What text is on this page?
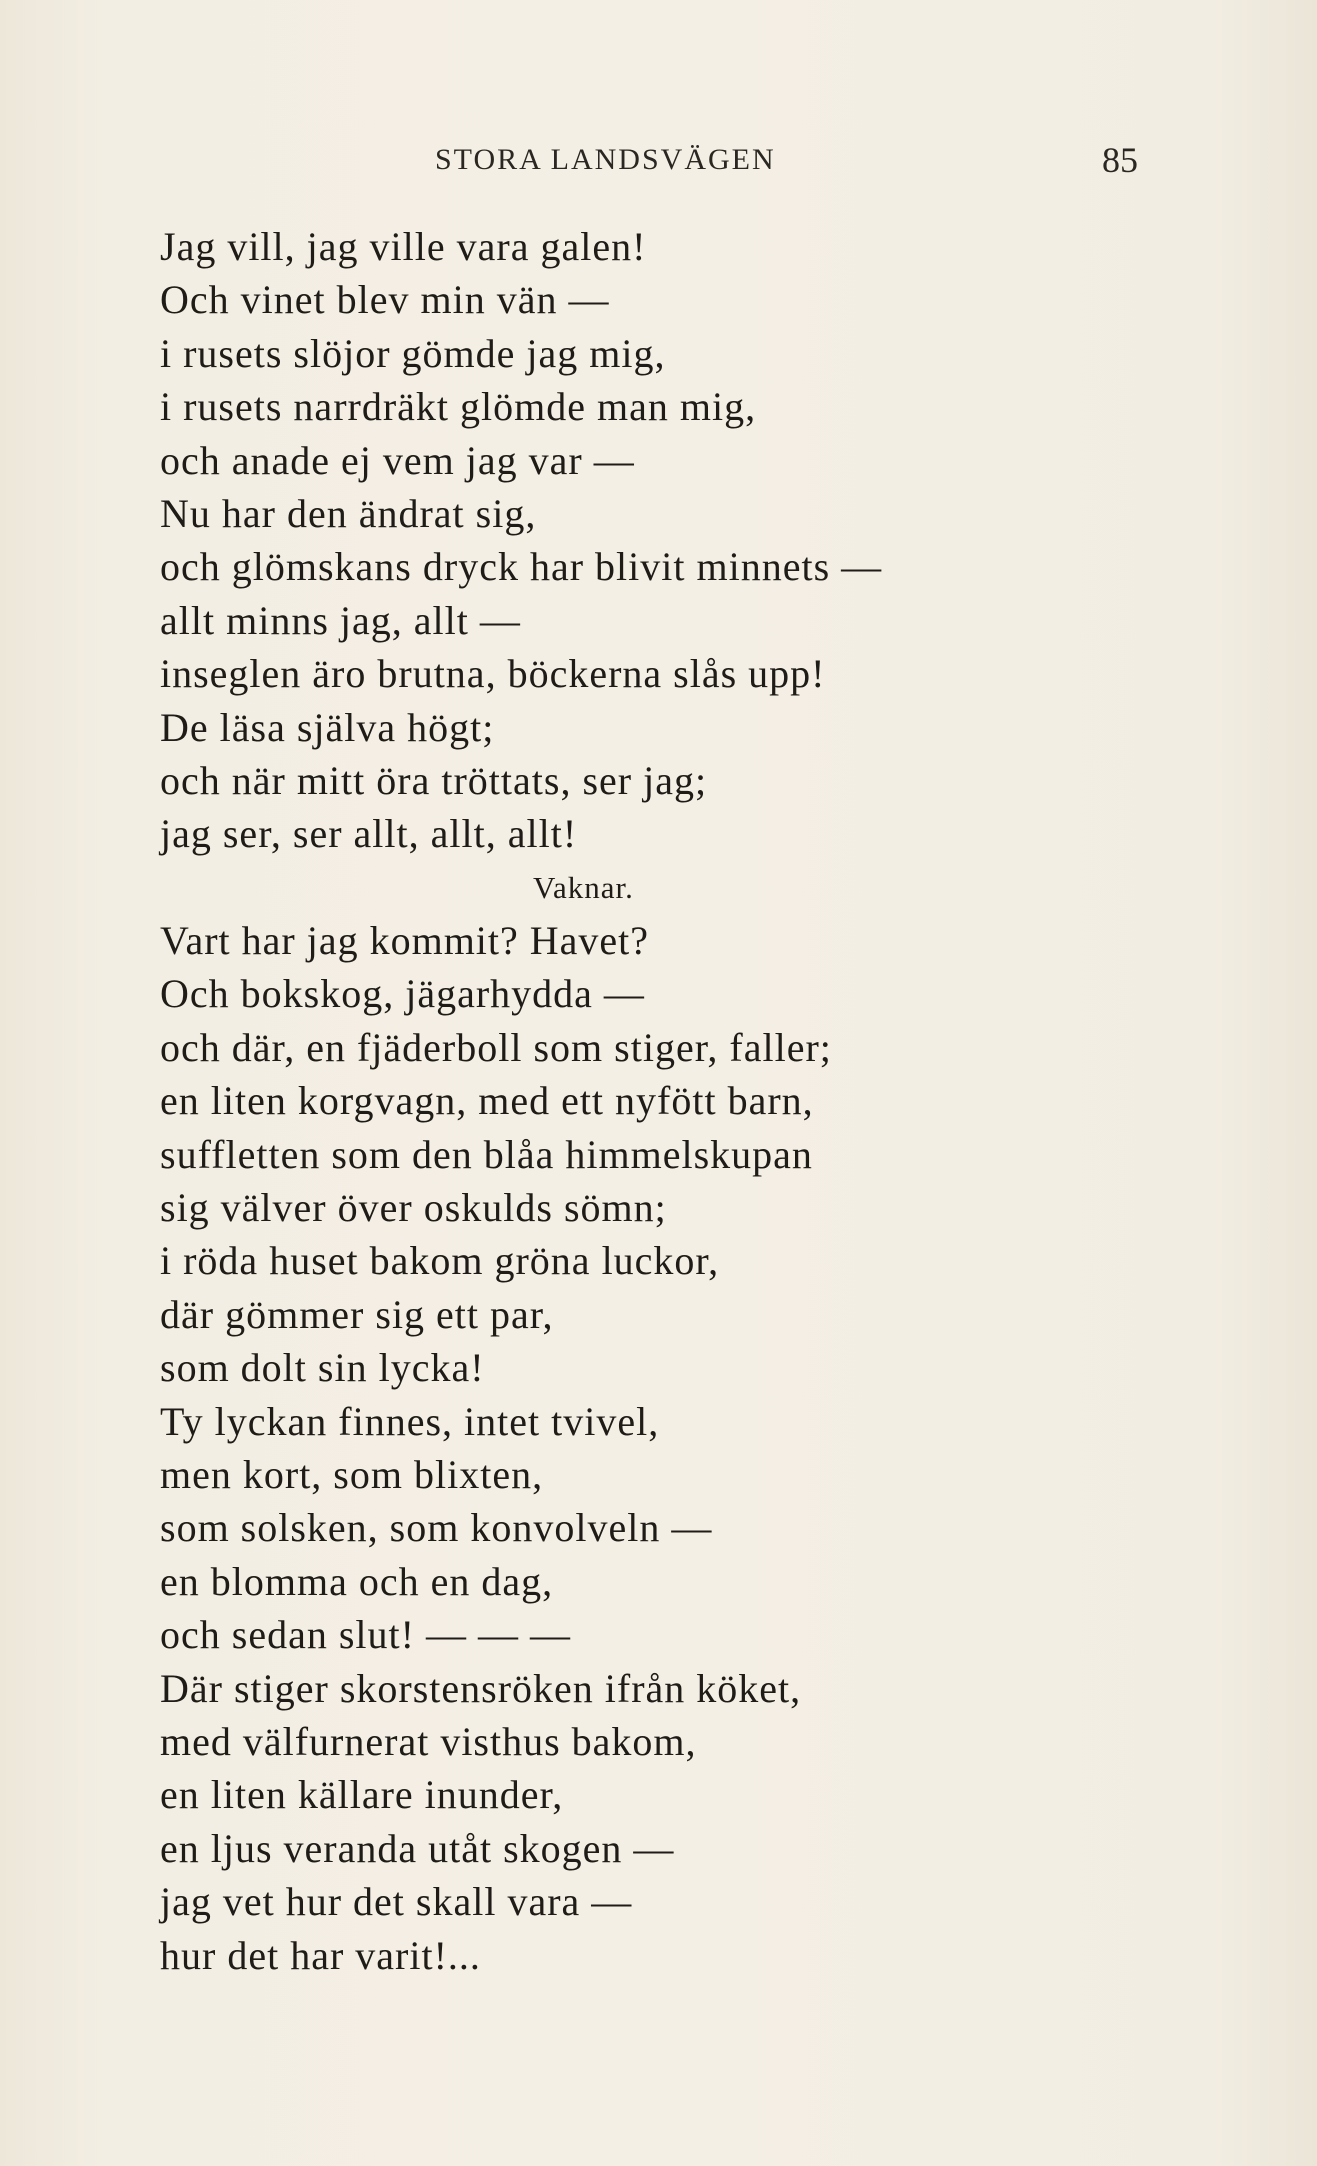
STORA LANDSVÄGEN	85
Jag vill, jag ville vara galen!
Och vinet blev min vän —
i rusets slöjor gömde jag mig,
i rusets narrdräkt glömde man mig,
och anade ej vem jag var —
Nu har den ändrat sig,
och glömskans dryck har blivit minnets —
allt minns jag, allt —
inseglen äro brutna, böckerna slås upp!
De läsa själva högt;
och när mitt öra tröttats, ser jag;
jag ser, ser allt, allt, allt!
Vaknar.
Vart har jag kommit? Havet?
Och bokskog, jägarhydda —
och där, en fjäderboll som stiger, faller;
en liten korgvagn, med ett nyfött barn,
suffletten som den blåa himmelskupan
sig välver över oskulds sömn;
i röda huset bakom gröna luckor,
där gömmer sig ett par,
som dolt sin lycka!
Ty lyckan finnes, intet tvivel,
men kort, som blixten,
som solsken, som konvolveln —
en blomma och en dag,
och sedan slut! — — —
Där stiger skorstensröken ifrån köket,
med välfurnerat visthus bakom,
en liten källare inunder,
en ljus veranda utåt skogen —
jag vet hur det skall vara —
hur det har varit!...
